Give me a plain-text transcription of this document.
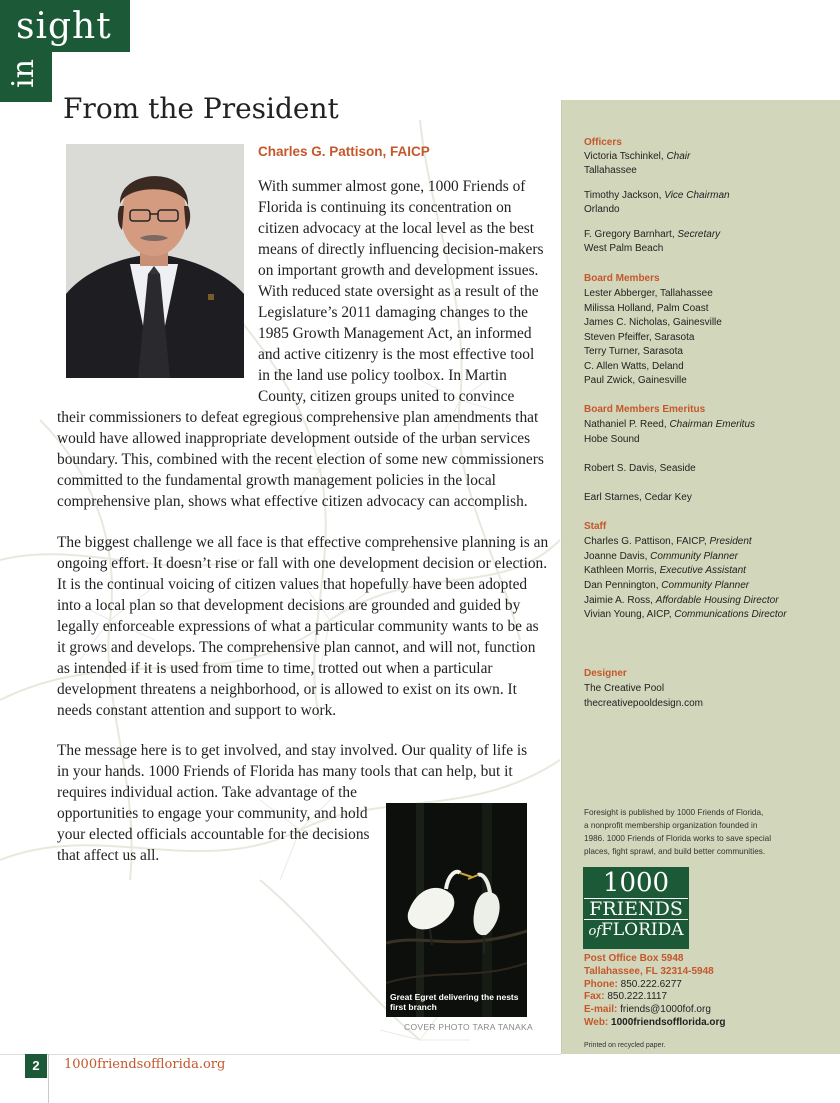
sight
in
From the President
Charles G. Pattison, FAICP
With summer almost gone, 1000 Friends of
Florida is continuing its concentration on
citizen advocacy at the local level as the best
means of directly influencing decision-makers
on important growth and development issues.
With reduced state oversight as a result of the
Legislature’s 2011 damaging changes to the
1985 Growth Management Act, an informed
and active citizenry is the most effective tool
in the land use policy toolbox. In Martin
County, citizen groups united to convince
their commissioners to defeat egregious comprehensive plan amendments that
would have allowed inappropriate development outside of the urban services
boundary. This, combined with the recent election of some new commissioners
committed to the fundamental growth management policies in the local
comprehensive plan, shows what effective citizen advocacy can accomplish.
The biggest challenge we all face is that effective comprehensive planning is an
ongoing effort. It doesn’t rise or fall with one development decision or election.
It is the continual voicing of citizen values that hopefully have been adopted
into a local plan so that development decisions are grounded and guided by
legally enforceable expressions of what a particular community wants to be as
it grows and develops. The comprehensive plan cannot, and will not, function
as intended if it is used from time to time, trotted out when a particular
development threatens a neighborhood, or is allowed to exist on its own. It
needs constant attention and support to work.
The message here is to get involved, and stay involved. Our quality of life is
in your hands. 1000 Friends of Florida has many tools that can help, but it
requires individual action. Take advantage of the
opportunities to engage your community, and hold
your elected officials accountable for the decisions
that affect us all.
Great Egret delivering the nests first branch
COVER PHOTO TARA TANAKA
Officers
Victoria Tschinkel, Chair
Tallahassee
Timothy Jackson, Vice Chairman
Orlando
F. Gregory Barnhart, Secretary
West Palm Beach
Board Members
Lester Abberger, Tallahassee
Milissa Holland, Palm Coast
James C. Nicholas, Gainesville
Steven Pfeiffer, Sarasota
Terry Turner, Sarasota
C. Allen Watts, Deland
Paul Zwick, Gainesville
Board Members Emeritus
Nathaniel P. Reed, Chairman Emeritus
Hobe Sound
Robert S. Davis, Seaside
Earl Starnes, Cedar Key
Staff
Charles G. Pattison, FAICP, President
Joanne Davis, Community Planner
Kathleen Morris, Executive Assistant
Dan Pennington, Community Planner
Jaimie A. Ross, Affordable Housing Director
Vivian Young, AICP, Communications Director
Designer
The Creative Pool
thecreativepooldesign.com
Foresight is published by 1000 Friends of Florida,
a nonprofit membership organization founded in
1986. 1000 Friends of Florida works to save special
places, fight sprawl, and build better communities.
1000
FRIENDS
ofFLORIDA
Post Office Box 5948
Tallahassee, FL 32314-5948
Phone: 850.222.6277
Fax: 850.222.1117
E-mail: friends@1000fof.org
Web: 1000friendsofflorida.org
Printed on recycled paper.
2	1000friendsofflorida.org
